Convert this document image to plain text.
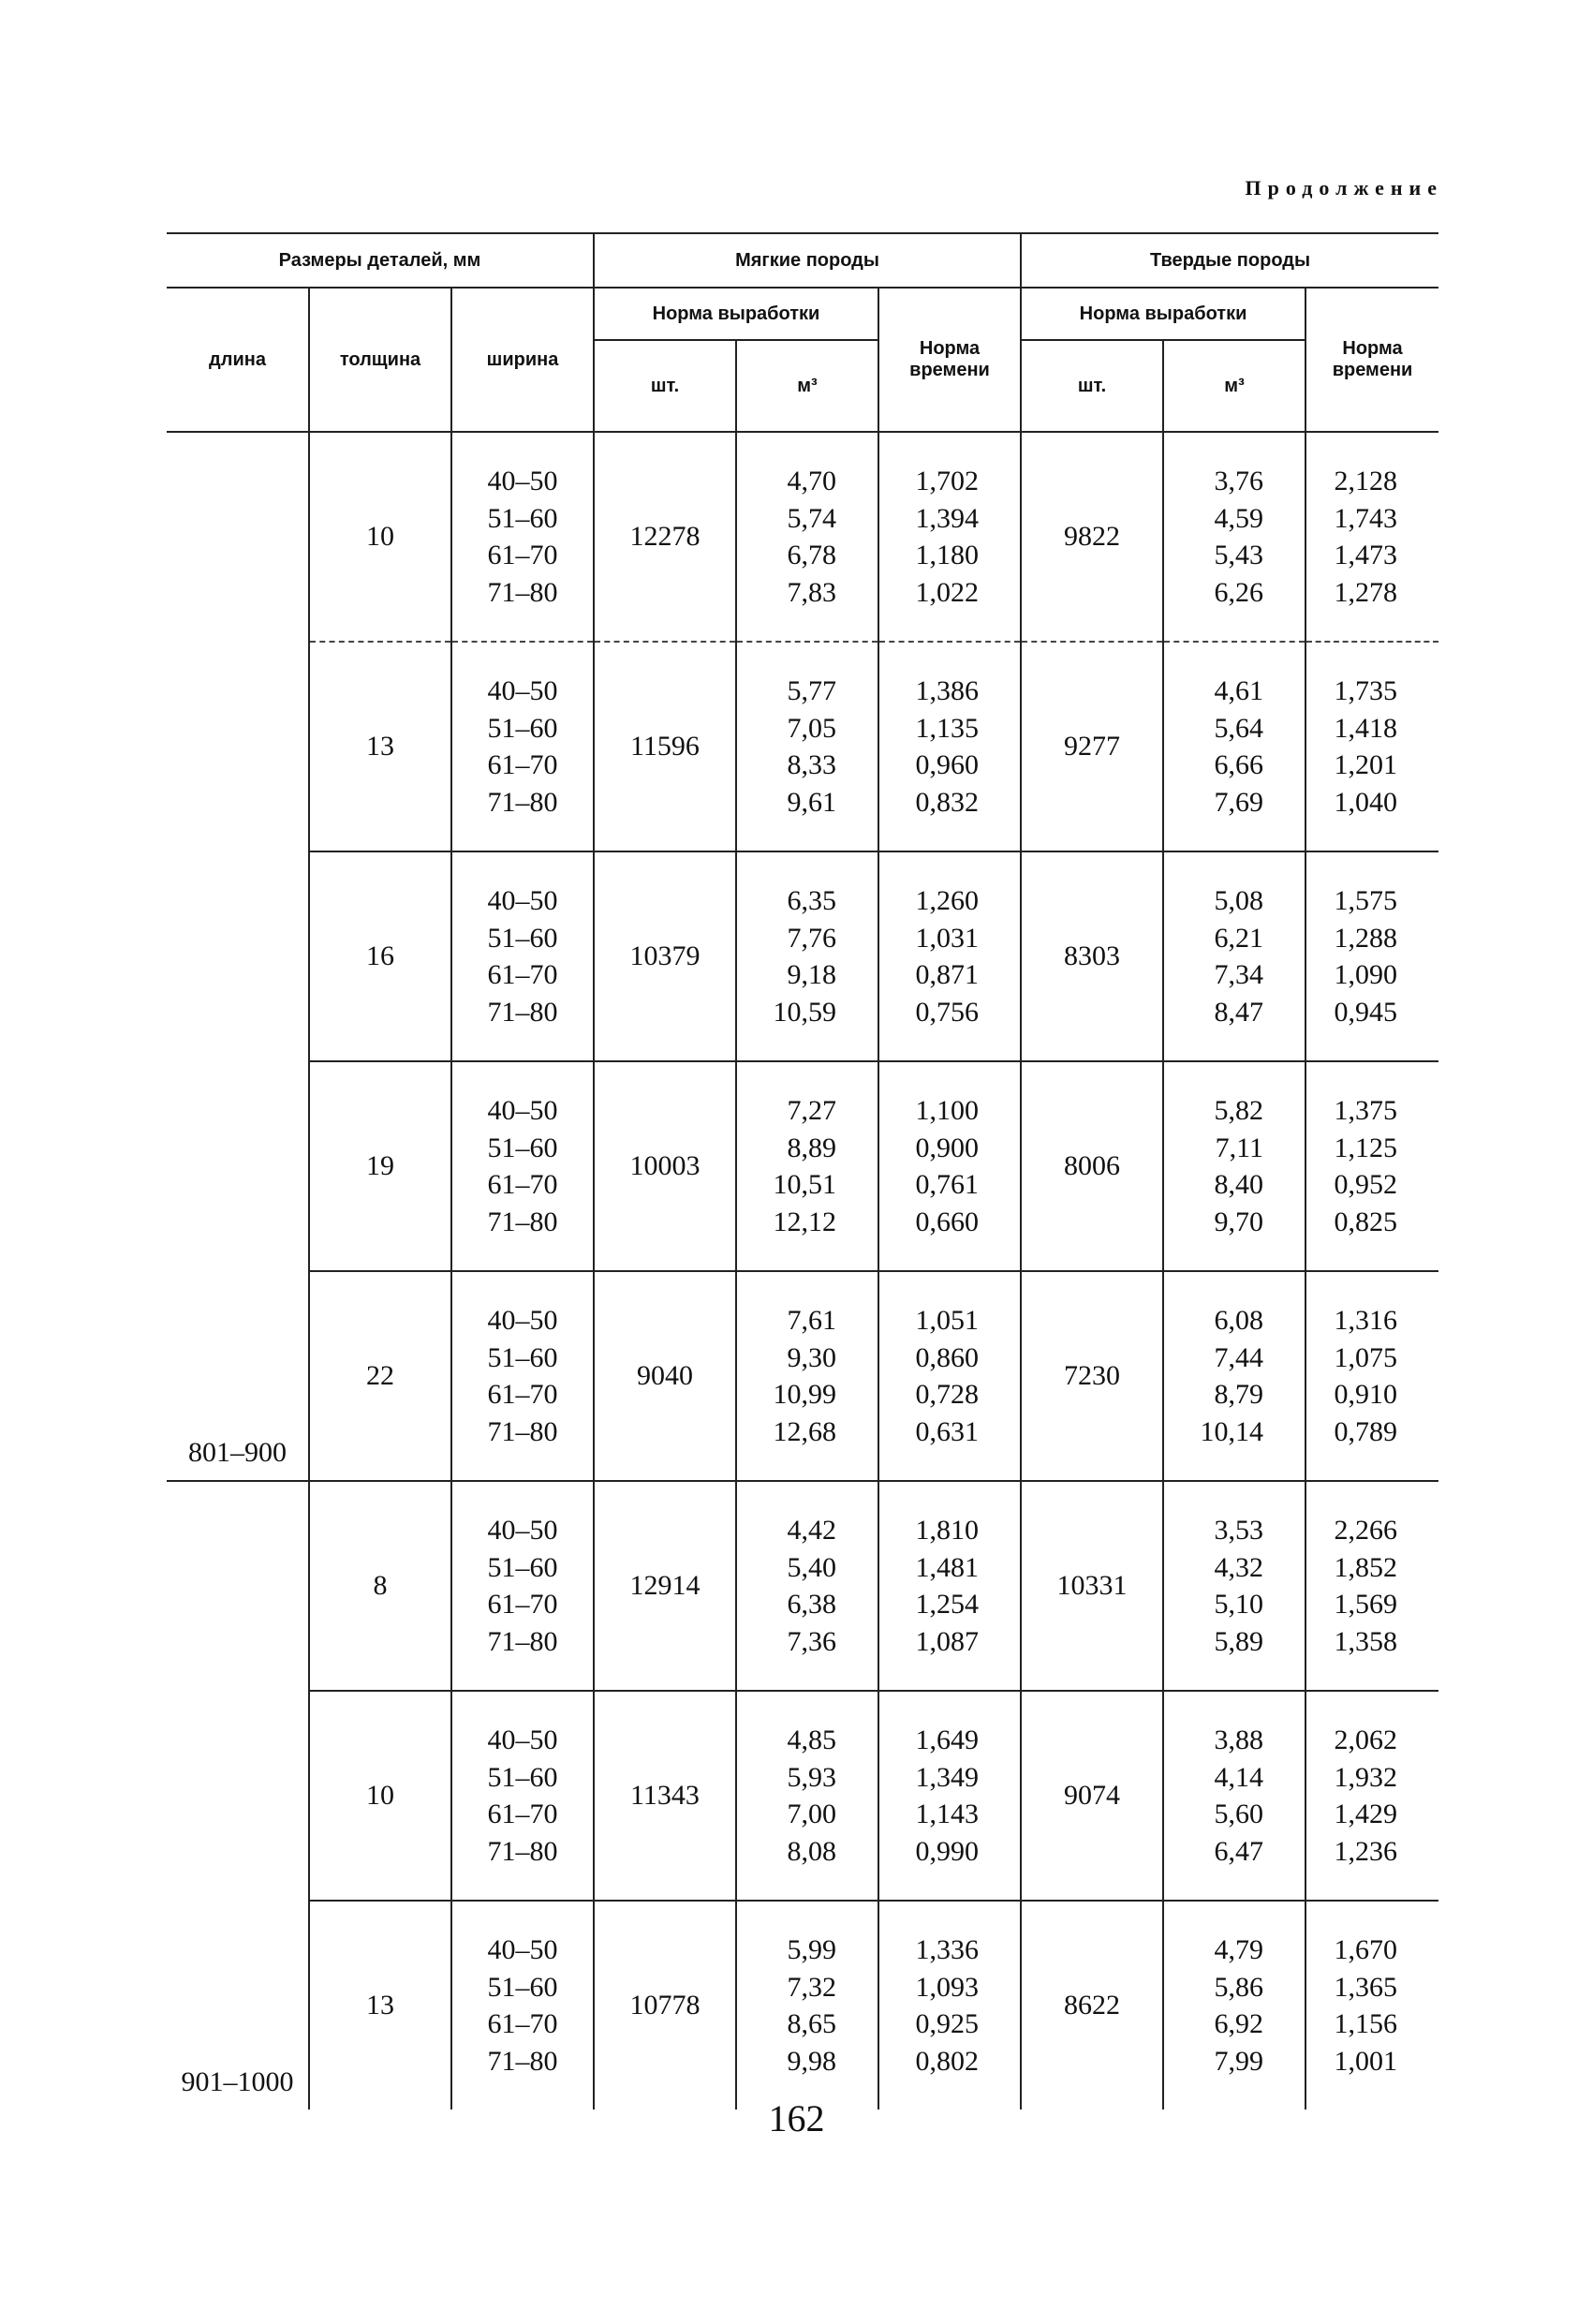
Продолжение
Размеры деталей, мм			Мягкие породы			Твердые породы		
длина	толщина	ширина	Норма выработки		Норма времени	Норма выработки		Норма времени
			шт.	м³		шт.	м³	
801–900	10	40–50
51–60
61–70
71–80	12278	4,70
5,74
6,78
7,83	1,702
1,394
1,180
1,022	9822	3,76
4,59
5,43
6,26	2,128
1,743
1,473
1,278

	13	40–50
51–60
61–70
71–80	11596	5,77
7,05
8,33
9,61	1,386
1,135
0,960
0,832	9277	4,61
5,64
6,66
7,69	1,735
1,418
1,201
1,040

	16	40–50
51–60
61–70
71–80	10379	6,35
7,76
9,18
10,59	1,260
1,031
0,871
0,756	8303	5,08
6,21
7,34
8,47	1,575
1,288
1,090
0,945

	19	40–50
51–60
61–70
71–80	10003	7,27
8,89
10,51
12,12	1,100
0,900
0,761
0,660	8006	5,82
7,11
8,40
9,70	1,375
1,125
0,952
0,825

	22	40–50
51–60
61–70
71–80	9040	7,61
9,30
10,99
12,68	1,051
0,860
0,728
0,631	7230	6,08
7,44
8,79
10,14	1,316
1,075
0,910
0,789

901–1000	8	40–50
51–60
61–70
71–80	12914	4,42
5,40
6,38
7,36	1,810
1,481
1,254
1,087	10331	3,53
4,32
5,10
5,89	2,266
1,852
1,569
1,358

	10	40–50
51–60
61–70
71–80	11343	4,85
5,93
7,00
8,08	1,649
1,349
1,143
0,990	9074	3,88
4,14
5,60
6,47	2,062
1,932
1,429
1,236

	13	40–50
51–60
61–70
71–80	10778	5,99
7,32
8,65
9,98	1,336
1,093
0,925
0,802	8622	4,79
5,86
6,92
7,99	1,670
1,365
1,156
1,001
162
